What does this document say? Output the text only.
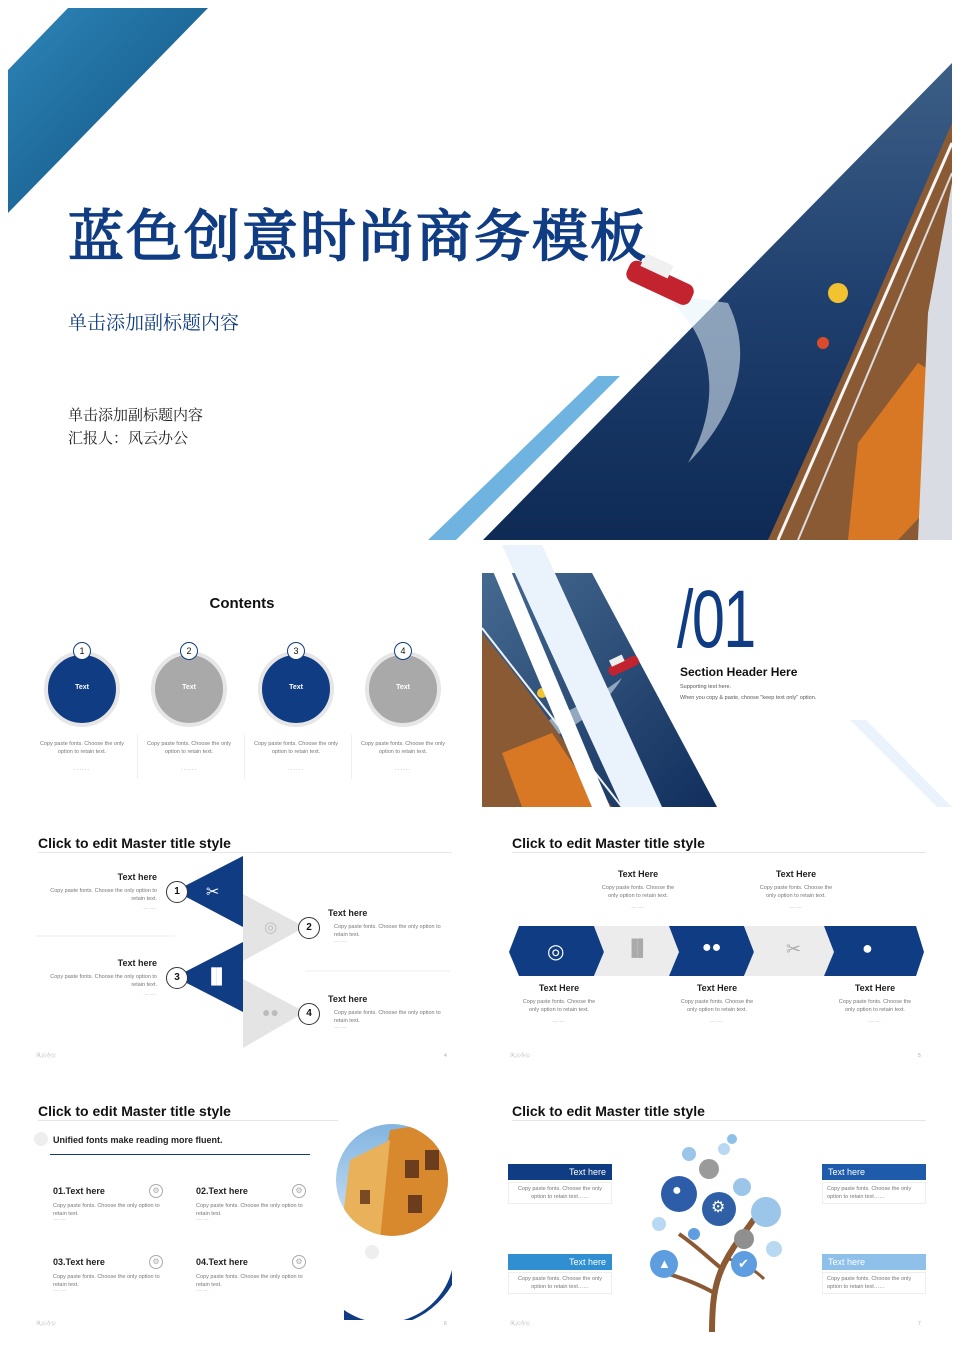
蓝色创意时尚商务模板
单击添加副标题内容
单击添加副标题内容
汇报人：风云办公
Contents
Text
1
Copy paste fonts. Choose the only option to retain text.
......
Text
2
Copy paste fonts. Choose the only option to retain text.
......
Text
3
Copy paste fonts. Choose the only option to retain text.
......
Text
4
Copy paste fonts. Choose the only option to retain text.
......
/01
Section Header Here
Supporting text here.
When you copy & paste, choose "keep text only" option.
Click to edit Master title style
✂
◎
▐▌
●●
风云办公	4
1
Text here
Copy paste fonts. Choose the only option to retain text.
……
2
Text here
Copy paste fonts. Choose the only option to retain text.
……
3
Text here
Copy paste fonts. Choose the only option to retain text.
……
4
Text here
Copy paste fonts. Choose the only option to retain text.
……
Click to edit Master title style
◎	▐▌	●●	✂	●
风云办公	5
Text Here
Copy paste fonts. Choose the only option to retain text.
……
Text Here
Copy paste fonts. Choose the only option to retain text.
……
Text Here
Copy paste fonts. Choose the only option to retain text.
……
Text Here
Copy paste fonts. Choose the only option to retain text.
……
Text Here
Copy paste fonts. Choose the only option to retain text.
……
Click to edit Master title style
Unified fonts make reading more fluent.
风云办公	6
01.Text here	⚙
Copy paste fonts. Choose the only option to retain text.
……
02.Text here	⚙
Copy paste fonts. Choose the only option to retain text.
……
03.Text here	⚙
Copy paste fonts. Choose the only option to retain text.
……
04.Text here	⚙
Copy paste fonts. Choose the only option to retain text.
……
Click to edit Master title style
●
⚙
▲	✔
风云办公	7
Text here
Copy paste fonts. Choose the only option to retain text……
Text here
Copy paste fonts. Choose the only option to retain text……
Text here
Copy paste fonts. Choose the only option to retain text……
Text here
Copy paste fonts. Choose the only option to retain text……
